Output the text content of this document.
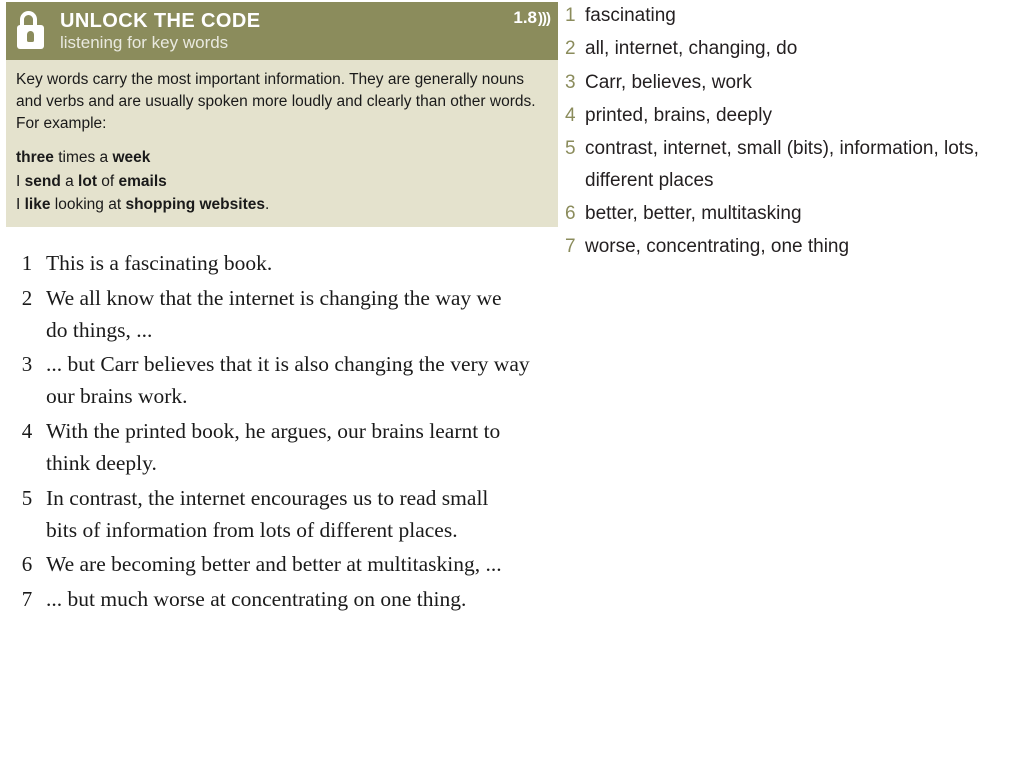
UNLOCK THE CODE
listening for key words
1.8 )))

Key words carry the most important information. They are generally nouns and verbs and are usually spoken more loudly and clearly than other words. For example:

three times a week
I send a lot of emails
I like looking at shopping websites.
1 fascinating
2 all, internet, changing, do
3 Carr, believes, work
4 printed, brains, deeply
5 contrast, internet, small (bits), information, lots,
different places
6 better, better, multitasking
7 worse, concentrating, one thing
1 This is a fascinating book.
2 We all know that the internet is changing the way we
do things, ...
3 ... but Carr believes that it is also changing the very way
our brains work.
4 With the printed book, he argues, our brains learnt to
think deeply.
5 In contrast, the internet encourages us to read small
bits of information from lots of different places.
6 We are becoming better and better at multitasking, ...
7 ... but much worse at concentrating on one thing.
